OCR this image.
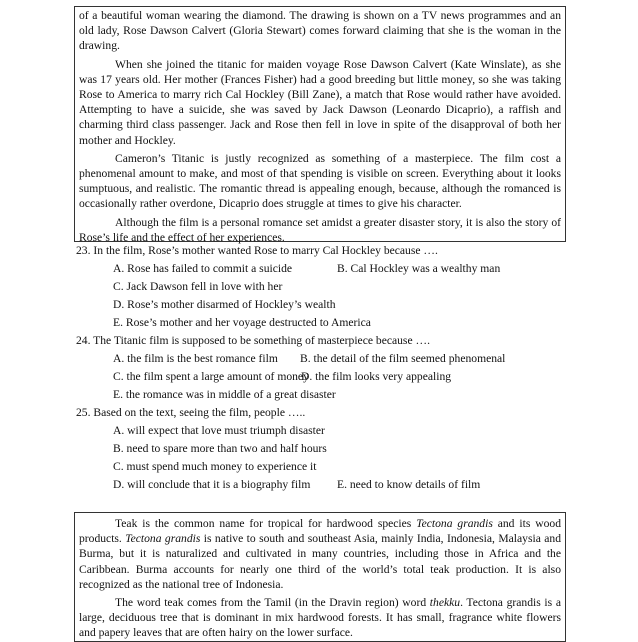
of a beautiful woman wearing the diamond. The drawing is shown on a TV news programmes and an old lady, Rose Dawson Calvert (Gloria Stewart) comes forward claiming that she is the woman in the drawing.

When she joined the titanic for maiden voyage Rose Dawson Calvert (Kate Winslate), as she was 17 years old. Her mother (Frances Fisher) had a good breeding but little money, so she was taking Rose to America to marry rich Cal Hockley (Bill Zane), a match that Rose would rather have avoided. Attempting to have a suicide, she was saved by Jack Dawson (Leonardo Dicaprio), a raffish and charming third class passenger. Jack and Rose then fell in love in spite of the disapproval of both her mother and Hockley.

Cameron’s Titanic is justly recognized as something of a masterpiece. The film cost a phenomenal amount to make, and most of that spending is visible on screen. Everything about it looks sumptuous, and realistic. The romantic thread is appealing enough, because, although the romanced is occasionally rather overdone, Dicaprio does struggle at times to give his character.

Although the film is a personal romance set amidst a greater disaster story, it is also the story of Rose’s life and the effect of her experiences.

23. In the film, Rose’s mother wanted Rose to marry Cal Hockley because ….
A. Rose has failed to commit a suicide	B. Cal Hockley was a wealthy man
C. Jack Dawson fell in love with her
D. Rose’s mother disarmed of Hockley’s wealth
E. Rose’s mother and her voyage destructed to America
24. The Titanic film is supposed to be something of masterpiece because ….
A. the film is the best romance film B. the detail of the film seemed phenomenal
C. the film spent a large amount of money
D. the film looks very appealing
E. the romance was in middle of a great disaster
25. Based on the text, seeing the film, people …..
A. will expect that love must triumph disaster
B. need to spare more than two and half hours
C. must spend much money to experience it
D. will conclude that it is a biography film E. need to know details of film

Teak is the common name for tropical for hardwood species Tectona grandis and its wood products. Tectona grandis is native to south and southeast Asia, mainly India, Indonesia, Malaysia and Burma, but it is naturalized and cultivated in many countries, including those in Africa and the Caribbean. Burma accounts for nearly one third of the world’s total teak production. It is also recognized as the national tree of Indonesia.

The word teak comes from the Tamil (in the Dravin region) word thekku. Tectona grandis is a large, deciduous tree that is dominant in mix hardwood forests. It has small, fragrance white flowers and papery leaves that are often hairy on the lower surface.
